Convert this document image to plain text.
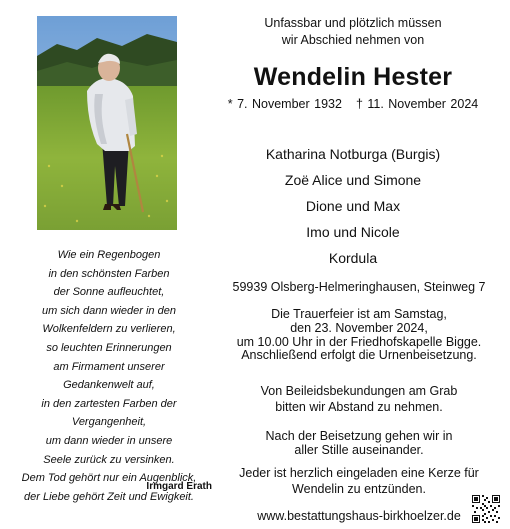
Wie ein Regenbogen
in den schönsten Farben
der Sonne aufleuchtet,
um sich dann wieder in den
Wolkenfeldern zu verlieren,
so leuchten Erinnerungen
am Firmament unserer
Gedankenwelt auf,
in den zartesten Farben der
Vergangenheit,
um dann wieder in unsere
Seele zurück zu versinken.
Dem Tod gehört nur ein Augenblick,
der Liebe gehört Zeit und Ewigkeit.
Irmgard Erath
Unfassbar und plötzlich müssen
wir Abschied nehmen von
Wendelin Hester
* 7. November 1932 † 11. November 2024
Katharina Notburga (Burgis)
Zoë Alice und Simone
Dione und Max
Imo und Nicole
Kordula
59939 Olsberg-Helmeringhausen, Steinweg 7
Die Trauerfeier ist am Samstag,
den 23. November 2024,
um 10.00 Uhr in der Friedhofskapelle Bigge.
Anschließend erfolgt die Urnenbeisetzung.
Von Beileidsbekundungen am Grab
bitten wir Abstand zu nehmen.
Nach der Beisetzung gehen wir in
aller Stille auseinander.
Jeder ist herzlich eingeladen eine Kerze für
Wendelin zu entzünden.
www.bestattungshaus-birkhoelzer.de
